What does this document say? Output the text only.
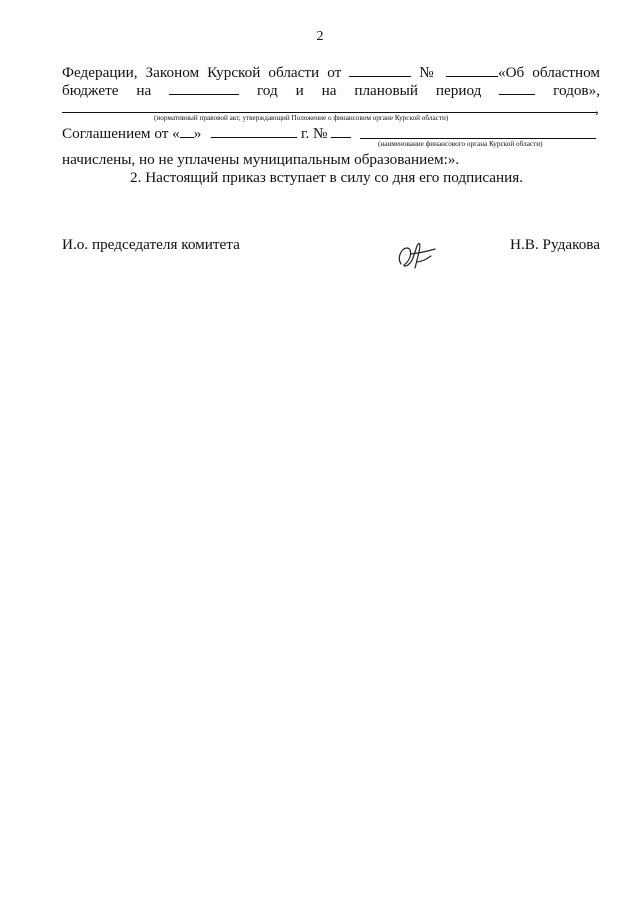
2
Федерации, Законом Курской области от	№	«Об областном
бюджете на	год и на плановый период	годов»,
,
(нормативный правовой акт, утверждающий Положение о финансовом органе Курской области)
Соглашением от « »	г. №
(наименование финансового органа Курской области)
начислены, но не уплачены муниципальным образованием:».
2. Настоящий приказ вступает в силу со дня его подписания.
И.о. председателя комитета	Н.В. Рудакова
